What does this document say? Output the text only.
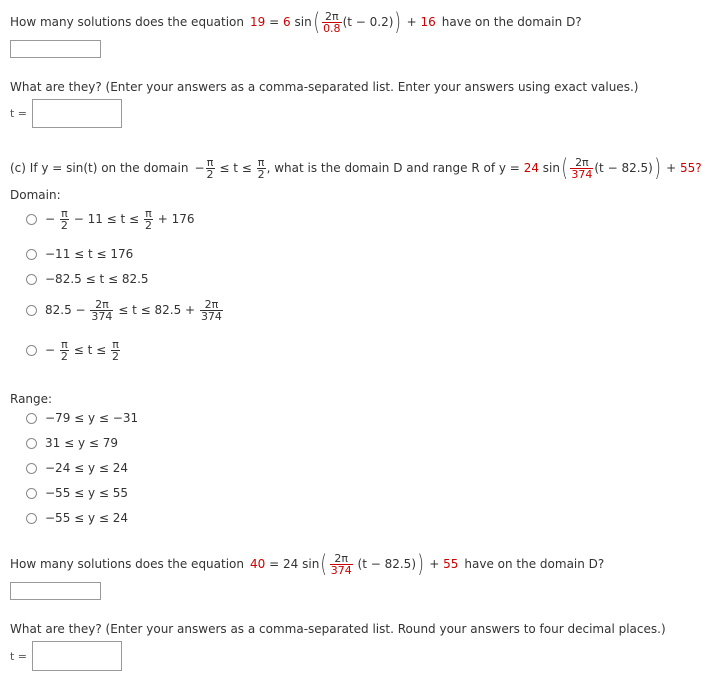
How many solutions does the equation 19
=
6
sin ( $\frac{2\pi}{0.8} (t - 0.2)$ )
+
16 have on the domain D?
What are they? (Enter your answers as a comma-separated list. Enter your answers using exact values.)
t =
(c) If y = sin(t) on the domain − $\frac{\pi}{2}$
≤ t ≤
$\frac{\pi}{2}$ , what is the domain D and range R of y =
24
sin ( $\frac{2\pi}{374} (t - 82.5)$ )
+
55?
Domain:
−
$\frac{\pi}{2}$
− 11 ≤ t ≤
$\frac{\pi}{2}$
+ 176
−11 ≤ t ≤ 176
−82.5 ≤ t ≤ 82.5
82.5 −
$\frac{2\pi}{374}$
≤ t ≤ 82.5 +
$\frac{2\pi}{374}$
−
$\frac{\pi}{2}$
≤ t ≤
$\frac{\pi}{2}$
Range:
−79 ≤ y ≤ −31
31 ≤ y ≤ 79
−24 ≤ y ≤ 24
−55 ≤ y ≤ 55
−55 ≤ y ≤ 24
How many solutions does the equation 40
=
24
sin ( $\frac{2\pi}{374}$
(t − 82.5) )
+
55 have on the domain D?
What are they? (Enter your answers as a comma-separated list. Round your answers to four decimal places.)
t =
